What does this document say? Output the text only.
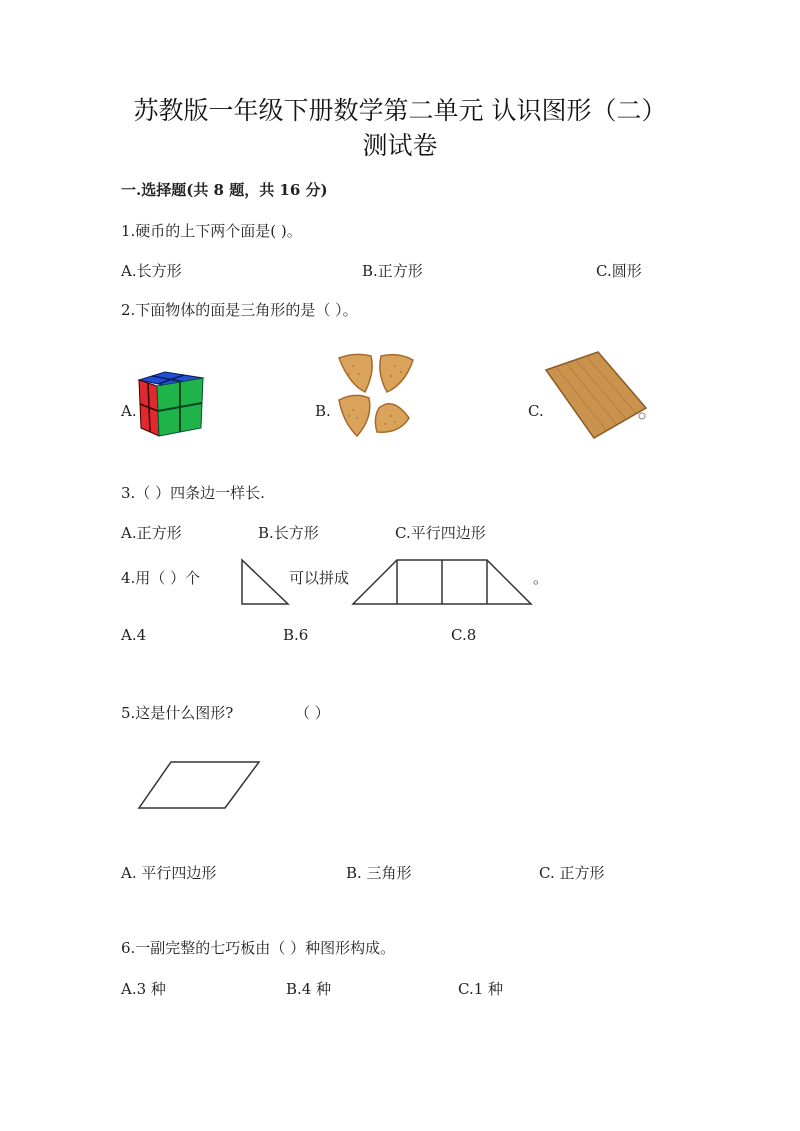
苏教版一年级下册数学第二单元 认识图形（二）
测试卷
一.选择题(共 8 题，共 16 分)
1.硬币的上下两个面是( )。
A.长方形	B.正方形	C.圆形
2.下面物体的面是三角形的是（ ）。
A.	B.	C.
3.（ ）四条边一样长.
A.正方形	B.长方形	C.平行四边形
4.用（ ）个	可以拼成	。
A.4	B.6	C.8
5.这是什么图形?	（ ）
A. 平行四边形	B. 三角形	C. 正方形
6.一副完整的七巧板由（ ）种图形构成。
A.3 种	B.4 种	C.1 种
